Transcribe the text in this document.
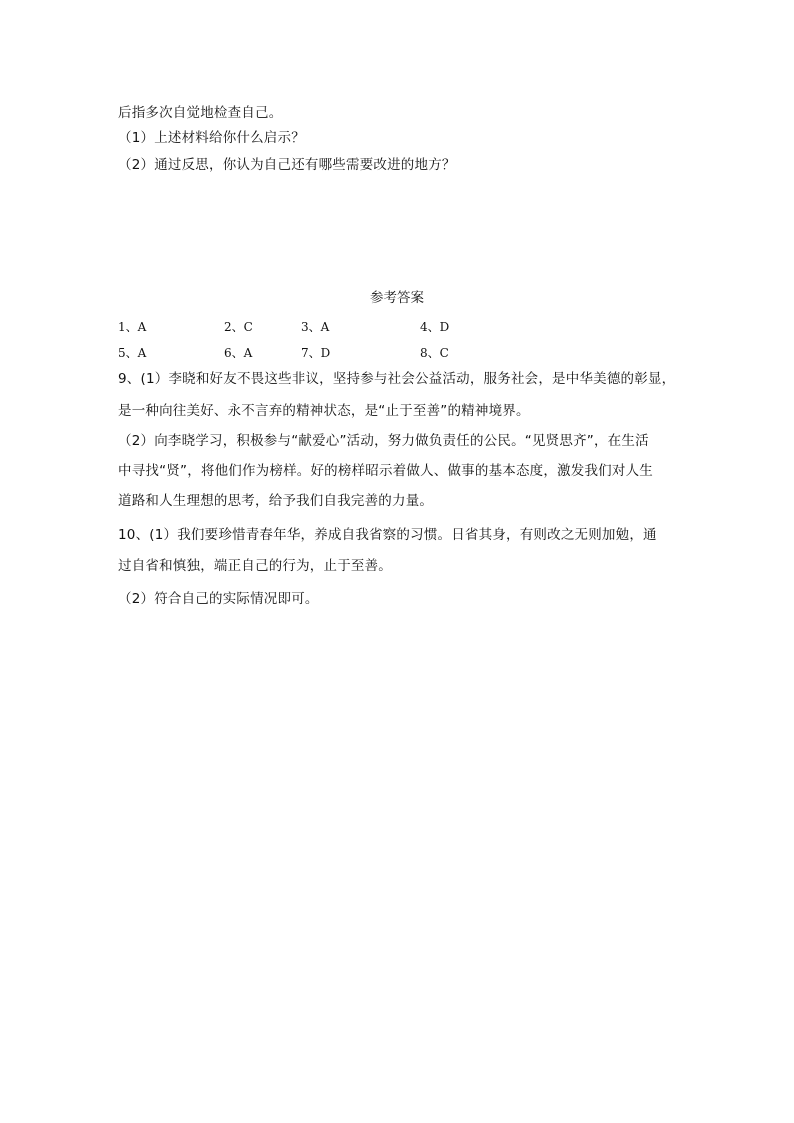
后指多次自觉地检查自己。
（1）上述材料给你什么启示？
（2）通过反思，你认为自己还有哪些需要改进的地方？
参考答案
1、A	2、C	3、A	4、D
5、A	6、A	7、D	8、C
9、(1）李晓和好友不畏这些非议，坚持参与社会公益活动，服务社会，是中华美德的彰显，
是一种向往美好、永不言弃的精神状态，是“止于至善”的精神境界。
（2）向李晓学习，积极参与“献爱心”活动，努力做负责任的公民。“见贤思齐”，在生活
中寻找“贤”，将他们作为榜样。好的榜样昭示着做人、做事的基本态度，激发我们对人生
道路和人生理想的思考，给予我们自我完善的力量。
10、(1）我们要珍惜青春年华，养成自我省察的习惯。日省其身，有则改之无则加勉，通
过自省和慎独，端正自己的行为，止于至善。
（2）符合自己的实际情况即可。
